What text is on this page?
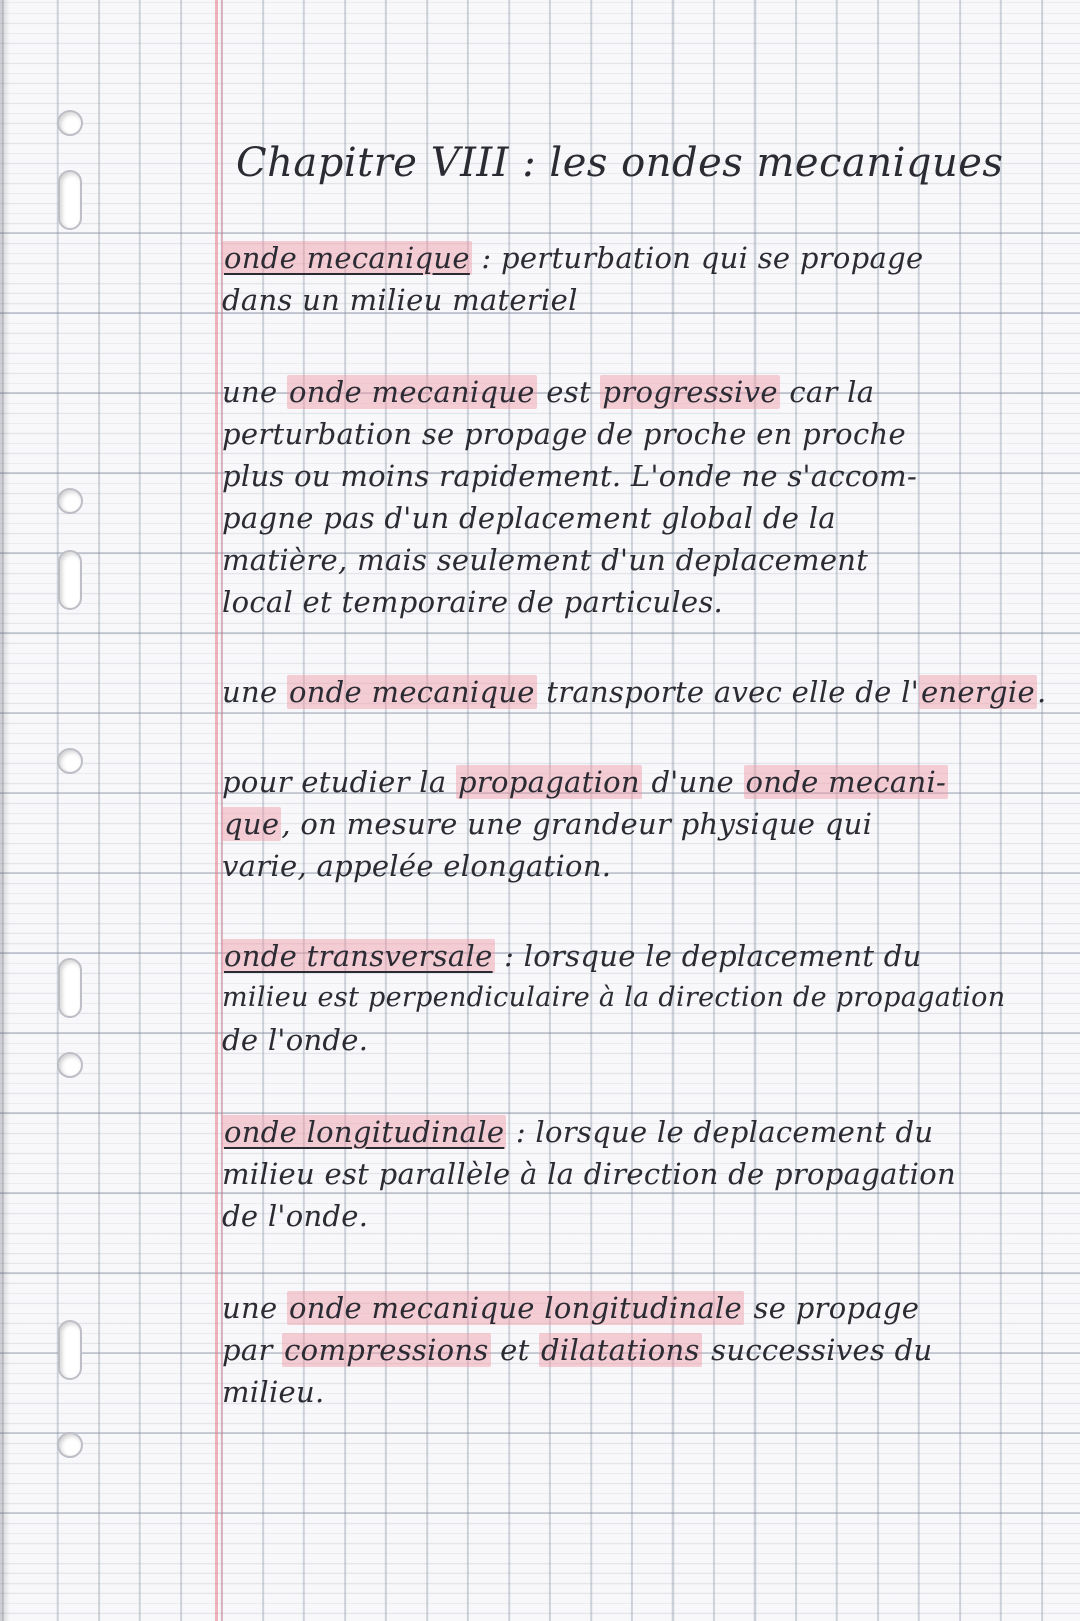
Chapitre VIII : les ondes mecaniques
onde mecanique : perturbation qui se propage
dans un milieu materiel
une onde mecanique est progressive car la
perturbation se propage de proche en proche
plus ou moins rapidement. L'onde ne s'accom-
pagne pas d'un deplacement global de la
matière, mais seulement d'un deplacement
local et temporaire de particules.
une onde mecanique transporte avec elle de l'energie.
pour etudier la propagation d'une onde mecani-
que, on mesure une grandeur physique qui
varie, appelée elongation.
onde transversale : lorsque le deplacement du
milieu est perpendiculaire à la direction de propagation
de l'onde.
onde longitudinale : lorsque le deplacement du
milieu est parallèle à la direction de propagation
de l'onde.
une onde mecanique longitudinale se propage
par compressions et dilatations successives du
milieu.
